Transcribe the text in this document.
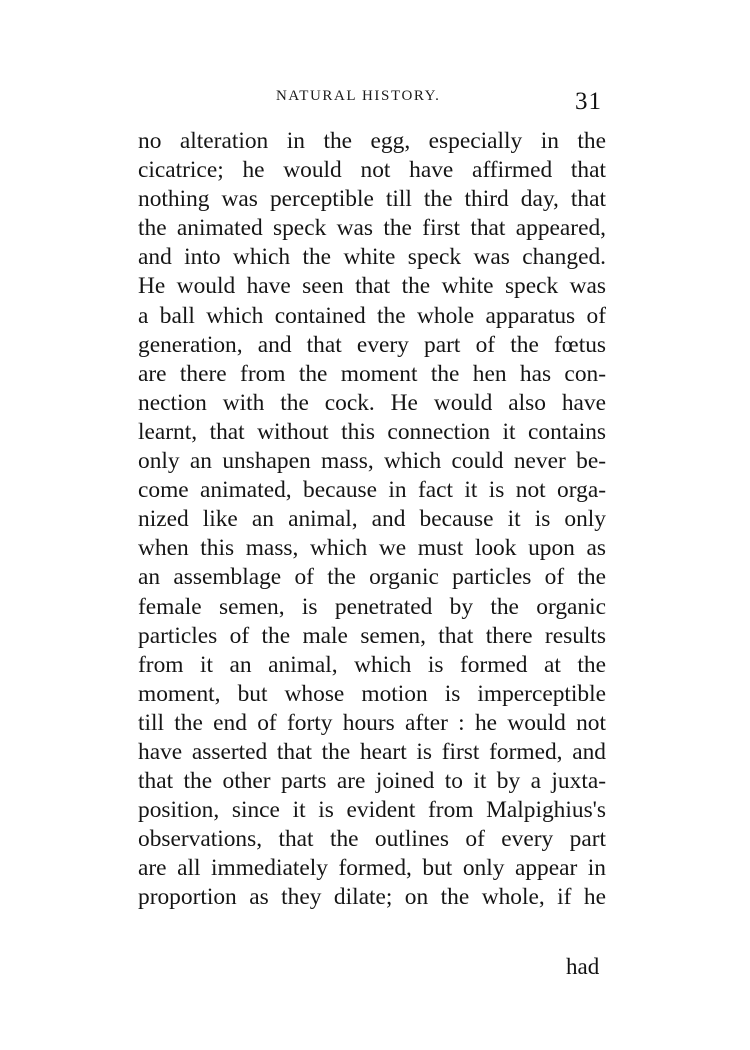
NATURAL HISTORY.	31
no alteration in the egg, especially in the
cicatrice; he would not have affirmed that
nothing was perceptible till the third day, that
the animated speck was the first that appeared,
and into which the white speck was changed.
He would have seen that the white speck was
a ball which contained the whole apparatus of
generation, and that every part of the fœtus
are there from the moment the hen has con-
nection with the cock. He would also have
learnt, that without this connection it contains
only an unshapen mass, which could never be-
come animated, because in fact it is not orga-
nized like an animal, and because it is only
when this mass, which we must look upon as
an assemblage of the organic particles of the
female semen, is penetrated by the organic
particles of the male semen, that there results
from it an animal, which is formed at the
moment, but whose motion is imperceptible
till the end of forty hours after : he would not
have asserted that the heart is first formed, and
that the other parts are joined to it by a juxta-
position, since it is evident from Malpighius's
observations, that the outlines of every part
are all immediately formed, but only appear in
proportion as they dilate; on the whole, if he
had
